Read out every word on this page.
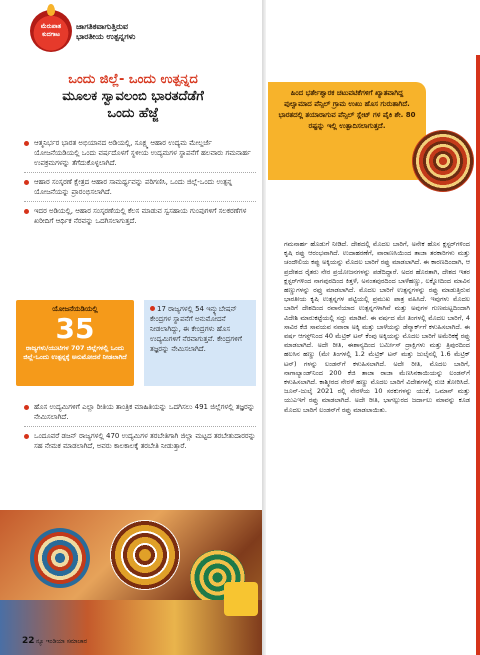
ಮೆರುಪಾತ
ಕುದಗಾಟ
ಜಾಗತಿಕವಾಗುತ್ತಿರುವ
ಭಾರತೀಯ ಉತ್ಪನ್ನಗಳು
ಒಂದು ಜಿಲ್ಲೆ- ಒಂದು ಉತ್ಪನ್ನದ
ಮೂಲಕ ಸ್ವಾವಲಂಬಿ ಭಾರತದೆಡೆಗೆ
ಒಂದು ಹೆಜ್ಜೆ
ಆತ್ಮನಿರ್ಭರ ಭಾರತ ಅಭಿಯಾನದ ಅಡಿಯಲ್ಲಿ, ಸೂಕ್ಷ್ಮ ಆಹಾರ ಉದ್ಯಮ ಮೇಲ್ದರ್ಜೆ ಯೋಜನೆಯಡಿಯಲ್ಲಿ ಒಂದು ವರ್ಷದೊಳಗೆ ಸ್ಥಳೀಯ ಉದ್ಯಮಗಳ ಸ್ಥಾಪನೆಗೆ ಹಲವಾರು ಗಮನಾರ್ಹ ಉಪಕ್ರಮಗಳನ್ನು ತೆಗೆದುಕೊಳ್ಳಲಾಗಿದೆ.
ಆಹಾರ ಸಂಸ್ಕರಣೆ ಕ್ಷೇತ್ರದ ಆಹಾರ ಸಾಮರ್ಥ್ಯವನ್ನು ಪರಿಗಣಿಸಿ, ಒಂದು ಜಿಲ್ಲೆ-ಒಂದು ಉತ್ಪನ್ನ ಯೋಜನೆಯನ್ನು ಪ್ರಾರಂಭಿಸಲಾಗಿದೆ.
ಇದರ ಅಡಿಯಲ್ಲಿ, ಆಹಾರ ಸಂಸ್ಕರಣೆಯಲ್ಲಿ ಕೆಲಸ ಮಾಡುವ ಸ್ವಸಹಾಯ ಗುಂಪುಗಳಿಗೆ ಸಲಕರಣೆಗಳ ಖರೀದಿಗೆ ಆರ್ಥಿಕ ನೆರವನ್ನು ಒದಗಿಸಲಾಗುತ್ತದೆ.
ಯೋಜನೆಯಡಿಯಲ್ಲಿ
35
ರಾಜ್ಯಗಳು/ಯುಟಿಗಳ 707 ಜಿಲ್ಲೆಗಳಲ್ಲಿ ಒಂದು ಜಿಲ್ಲೆ-ಒಂದು ಉತ್ಪನ್ನಕ್ಕೆ ಅನುಮೋದನೆ ನೀಡಲಾಗಿದೆ
17 ರಾಜ್ಯಗಳಲ್ಲಿ 54 ಇನ್ಕ್ಯುಬೇಷನ್ ಕೇಂದ್ರಗಳ ಸ್ಥಾಪನೆಗೆ ಅನುಮೋದನೆ ನೀಡಲಾಗಿದ್ದು, ಈ ಕೇಂದ್ರಗಳು ಹೊಸ ಉದ್ಯಮಿಗಳಿಗೆ ನೆರವಾಗುತ್ತವೆ. ಕೇಂದ್ರಗಳಿಗೆ ತಜ್ಞರನ್ನು ನೇಮಿಸಲಾಗಿದೆ.
ಹೊಸ ಉದ್ಯಮಿಗಳಿಗೆ ಎಲ್ಲಾ ರೀತಿಯ ತಾಂತ್ರಿಕ ಮಾಹಿತಿಯನ್ನು ಒದಗಿಸಲು 491 ಜಿಲ್ಲೆಗಳಲ್ಲಿ ತಜ್ಞರನ್ನು ನೇಮಿಸಲಾಗಿದೆ.
ಒಂದೂವರೆ ಡಜನ್ ರಾಜ್ಯಗಳಲ್ಲಿ 470 ಉದ್ಯಮಿಗಳ ತರಬೇತಿಗಾಗಿ ಜಿಲ್ಲಾ ಮಟ್ಟದ ತರಬೇತುದಾರರನ್ನು ಸಹ ನೇಮಕ ಮಾಡಲಾಗಿದೆ, ಅವರು ಕಾಲಕಾಲಕ್ಕೆ ತರಬೇತಿ ನೀಡುತ್ತಾರೆ.
22 ನ್ಯೂ ಇಂಡಿಯಾ ಸಮಾಚಾರ
ಹಿಂದ ಭರ್ತೇಶ್ವಾರಕ ಚಟುವಟಿಕೆಗಳಿಗೆ ಖ್ಯಾತವಾಗಿದ್ದ ಪುಲ್ವಾಮಾದ ಪೆನ್ಸಿಲ್ ಗ್ರಾಮ ಉಖು ಹೊಸ ಗುರುತಾಗಿದೆ. ಭಾರತದಲ್ಲಿ ತಯಾರಾಗುವ ಪೆನ್ಸಿಲ್ ಸ್ಲೇಟ್ ಗಳ ಪೈಕಿ ಶೇ. 80 ರಷ್ಟನ್ನು ಇಲ್ಲಿ ಉತ್ಪಾದಿಸಲಾಗುತ್ತದೆ.
ಗಮನಾರ್ಹ ಹೊಡುಗೆ ನೀಡಿದೆ. ದೇಶದಲ್ಲಿ ಮೊದಲ ಬಾರಿಗೆ, ಅನೇಕ ಹೊಸ ಕ್ಲಸ್ಟರ್‌ಗಳಿಂದ ಕೃಷಿ ರಫ್ತು ಆರಂಭವಾಗಿದೆ. ಉದಾಹರಣೆಗೆ, ವಾರಾಣಸಿಯಿಂದ ತಾಜಾ ತರಕಾರಿಗಳು ಮತ್ತು ಚಂದೌಲಿಯ ಕಪ್ಪು ಅಕ್ಕಿಯನ್ನು ಮೊದಲ ಬಾರಿಗೆ ರಫ್ತು ಮಾಡಲಾಗಿದೆ. ಈ ಕಾರಣದಿಂದಾಗಿ, ಆ ಪ್ರದೇಶದ ರೈತರು ನೇರ ಪ್ರಯೋಜನಗಳನ್ನು ಪಡೆದಿದ್ದಾರೆ. ಅದರ ಹೊರತಾಗಿ, ದೇಶದ ಇತರ ಕ್ಲಸ್ಟರ್‌ಗಳಿಂದ ನಾಗಪುರದಿಂದ ಕಿತ್ತಳೆ, ಅನಂತಪುರದಿಂದ ಬಾಳೆಹಣ್ಣು, ಲಕ್ನೋದಿಂದ ಮಾವಿನ ಹಣ್ಣುಗಳನ್ನು ರಫ್ತು ಮಾಡಲಾಗಿದೆ. ಮೊದಲ ಬಾರಿಗೆ ಉತ್ಪನ್ನಗಳನ್ನು ರಫ್ತು ಮಾಡುತ್ತಿರುವ ಭಾರತೀಯ ಕೃಷಿ ಉತ್ಪನ್ನಗಳ ಪಟ್ಟಿಯಲ್ಲಿ ಪ್ರಮುಖ ಪಾತ್ರ ವಹಿಸಿದೆ. ಇವುಗಳು ಮೊದಲ ಬಾರಿಗೆ ದೇಶದಿಂದ ರವಾನೆಯಾದ ಉತ್ಪನ್ನಗಳಾಗಿವೆ ಮತ್ತು ಅವುಗಳ ಗುಣಮಟ್ಟದಿಂದಾಗಿ ವಿದೇಶಿ ಮಾರುಕಟ್ಟೆಯಲ್ಲಿ ಸದ್ದು ಮಾಡಿವೆ. ಈ ವರ್ಷದ ಮೇ ತಿಂಗಳಲ್ಲಿ ಮೊದಲ ಬಾರಿಗೆ, 4 ಸಾವಿರ ಕೆಜಿ ಸಾವಯವ ನವಾರಾ ಅಕ್ಕಿ ಮತ್ತು ಬಾಳೆಯನ್ನು ಡೆನ್ಮಾರ್ಕ್‌ಗೆ ಕಳುಹಿಸಲಾಗಿದೆ. ಈ ವರ್ಷ ಆಗಸ್ಟ್‌ನಿಂದ 40 ಮೆಟ್ರಿಕ್ ಟನ್ ಕೆಂಪು ಅಕ್ಕಿಯನ್ನು ಮೊದಲ ಬಾರಿಗೆ ಅಮೆರಿಕಕ್ಕೆ ರಫ್ತು ಮಾಡಲಾಗಿದೆ. ಅದೇ ರೀತಿ, ಈಶಾನ್ಯದಿಂದ ಬರ್ಮೀಸ್ ದ್ರಾಕ್ಷಿಗಳು ಮತ್ತು ತ್ರಿಪುರದಿಂದ ಹಲಸಿನ ಹಣ್ಣು (ಮೇ ತಿಂಗಳಲ್ಲಿ 1.2 ಮೆಟ್ರಿಕ್ ಟನ್ ಮತ್ತು ಜುಲೈನಲ್ಲಿ 1.6 ಮೆಟ್ರಿಕ್ ಟನ್) ಗಳನ್ನು ಲಂಡನ್‌ಗೆ ಕಳುಹಿಸಲಾಗಿದೆ. ಅದೇ ರೀತಿ, ಮೊದಲ ಬಾರಿಗೆ, ನಾಗಾಲ್ಯಾಂಡ್‌ನಿಂದ 200 ಕೆಜಿ ತಾಜಾ ರಾಜಾ ಮೆಣಸಿನಕಾಯಿಯನ್ನು ಲಂಡನ್‌ಗೆ ಕಳುಹಿಸಲಾಗಿದೆ. ಕಾಶ್ಮೀರದ ನೇರಳೆ ಹಣ್ಣು ಮೊದಲ ಬಾರಿಗೆ ವಿದೇಶಗಳಲ್ಲಿ ರುಚಿ ತೋರಿಸಿದೆ. ಜೂನ್-ಜುಲೈ 2021 ರಲ್ಲಿ ನೇರಳೆಯ 10 ಸರಕುಗಳನ್ನು ಯುಕೆ, ಒಮಾನ್ ಮತ್ತು ಯುಎಇಗೆ ರಫ್ತು ಮಾಡಲಾಗಿದೆ. ಅದೇ ರೀತಿ, ಭಾಗಲ್ಪುರದ ಜರ್ದಾಲು ಮಾವನ್ನು ಕೂಡ ಮೊದಲ ಬಾರಿಗೆ ಲಂಡನ್‌ಗೆ ರಫ್ತು ಮಾಡಲಾಯಿತು.
